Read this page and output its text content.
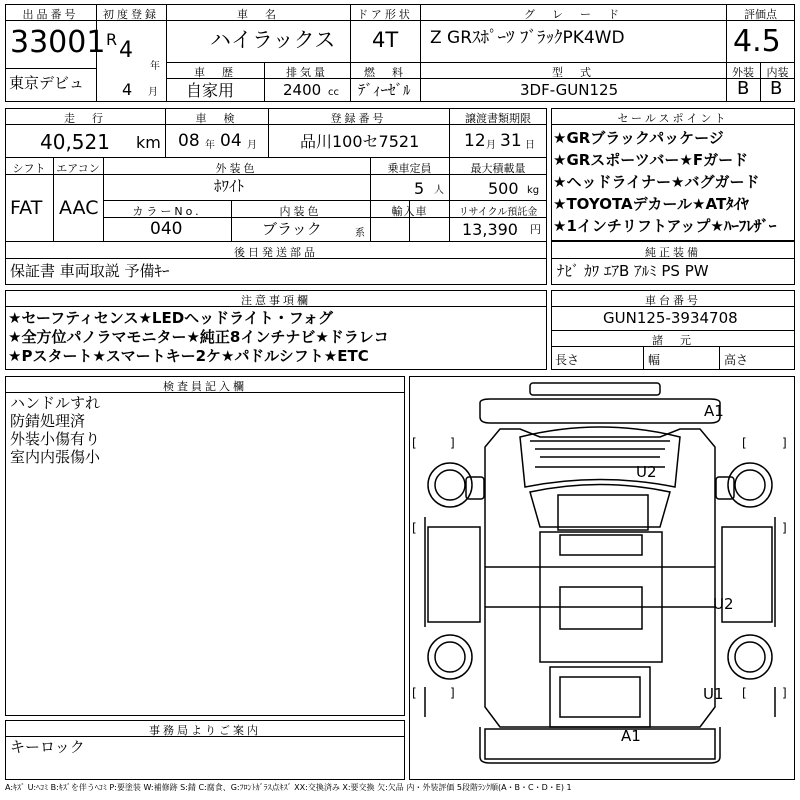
出品番号
33001
東京デビュ
初度登録
R 4
年
4 月
車　名
ハイラックス
ドア形状
4T
グ　レ　ー　ド
Z GRｽﾎﾟｰﾂ ﾌﾞﾗｯｸPK4WD
評価点
4.5
車　歴
自家用
排気量
2400 cc
燃　料
ﾃﾞｨｰｾﾞﾙ
型　式
3DF-GUN125
外装
B
内装
B
走　行
40,521 km
車　検
08 年 04 月
登録番号
品川100セ7521
譲渡書類期限
12 月 31 日
シフト
FAT
エアコン
AAC
外装色
ﾎﾜｲﾄ
乗車定員
5 人
最大積載量
500 kg
カラーNo.
040
内装色
ブラック	系
輸入車	リサイクル預託金
13,390 円
後日発送部品
保証書 車両取説 予備ｷｰ
セールスポイント
★GRブラックパッケージ
★GRスポーツバー★Fガード
★ヘッドライナー★バグガード
★TOYOTAデカール★ATﾀｲﾔ
★1インチリフトアップ★ﾊｰﾌﾚｻﾞｰ
純正装備
ﾅﾋﾞ ｶﾜ ｴｱB ｱﾙﾐ PS PW
注意事項欄
★セーフティセンス★LEDヘッドライト・フォグ
★全方位パノラマモニター★純正8インチナビ★ドラレコ
★Pスタート★スマートキー2ケ★パドルシフト★ETC
車台番号
GUN125-3934708
諸　元
長さ	幅	高さ
検査員記入欄
ハンドルすれ
防錆処理済
外装小傷有り
室内内張傷小
事務局よりご案内
キーロック
[	]	[	]
[	]	[	]
[	]
A1
U2
U2
U1
A1
A:ｷｽﾞ U:ﾍｺﾐ B:ｷｽﾞを伴うﾍｺﾐ P:要塗装 W:補修跡 S:錆 C:腐食、G:ﾌﾛﾝﾄｶﾞﾗｽ点ｷｽﾞ XX:交換済み X:要交換 欠:欠品 内・外装評価 5段階ﾗﾝｸ順(A・B・C・D・E) 1
